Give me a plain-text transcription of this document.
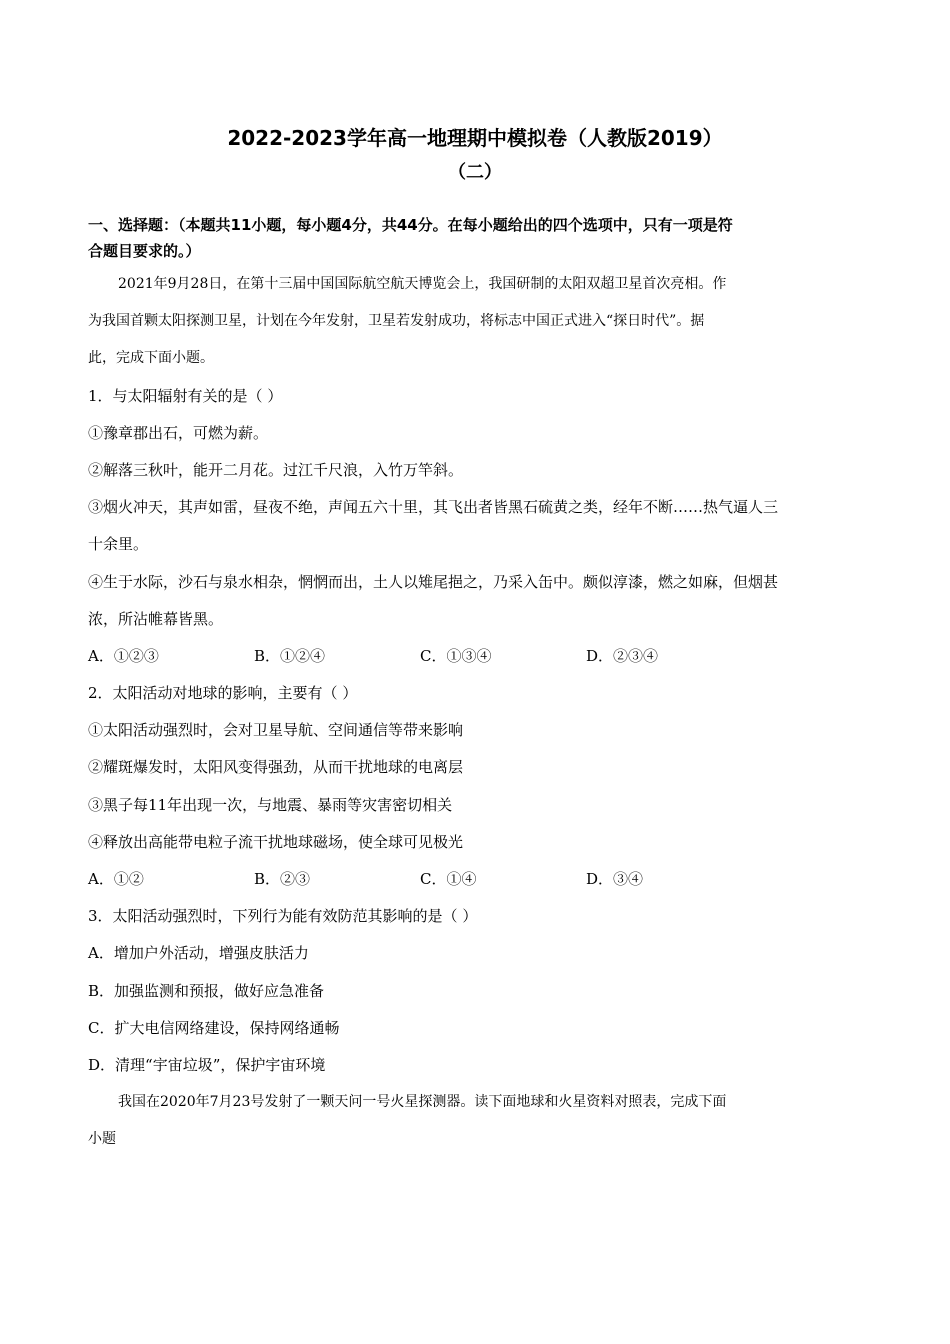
2022-2023学年高一地理期中模拟卷（人教版2019）
（二）
一、选择题：（本题共11小题，每小题4分，共44分。在每小题给出的四个选项中，只有一项是符
合题目要求的。）
2021年9月28日，在第十三届中国国际航空航天博览会上，我国研制的太阳双超卫星首次亮相。作
为我国首颗太阳探测卫星，计划在今年发射，卫星若发射成功，将标志中国正式进入“探日时代”。据
此，完成下面小题。
1．与太阳辐射有关的是（ ）
①豫章郡出石，可燃为薪。
②解落三秋叶，能开二月花。过江千尺浪，入竹万竿斜。
③烟火冲天，其声如雷，昼夜不绝，声闻五六十里，其飞出者皆黑石硫黄之类，经年不断……热气逼人三
十余里。
④生于水际，沙石与泉水相杂，惘惘而出，土人以雉尾挹之，乃采入缶中。颇似淳漆，燃之如麻，但烟甚
浓，所沾帷幕皆黑。
A．①②③	B．①②④	C．①③④	D．②③④
2．太阳活动对地球的影响，主要有（ ）
①太阳活动强烈时，会对卫星导航、空间通信等带来影响
②耀斑爆发时，太阳风变得强劲，从而干扰地球的电离层
③黑子每11年出现一次，与地震、暴雨等灾害密切相关
④释放出高能带电粒子流干扰地球磁场，使全球可见极光
A．①②	B．②③	C．①④	D．③④
3．太阳活动强烈时，下列行为能有效防范其影响的是（ ）
A．增加户外活动，增强皮肤活力
B．加强监测和预报，做好应急准备
C．扩大电信网络建设，保持网络通畅
D．清理“宇宙垃圾”，保护宇宙环境
我国在2020年7月23号发射了一颗天问一号火星探测器。读下面地球和火星资料对照表，完成下面
小题
